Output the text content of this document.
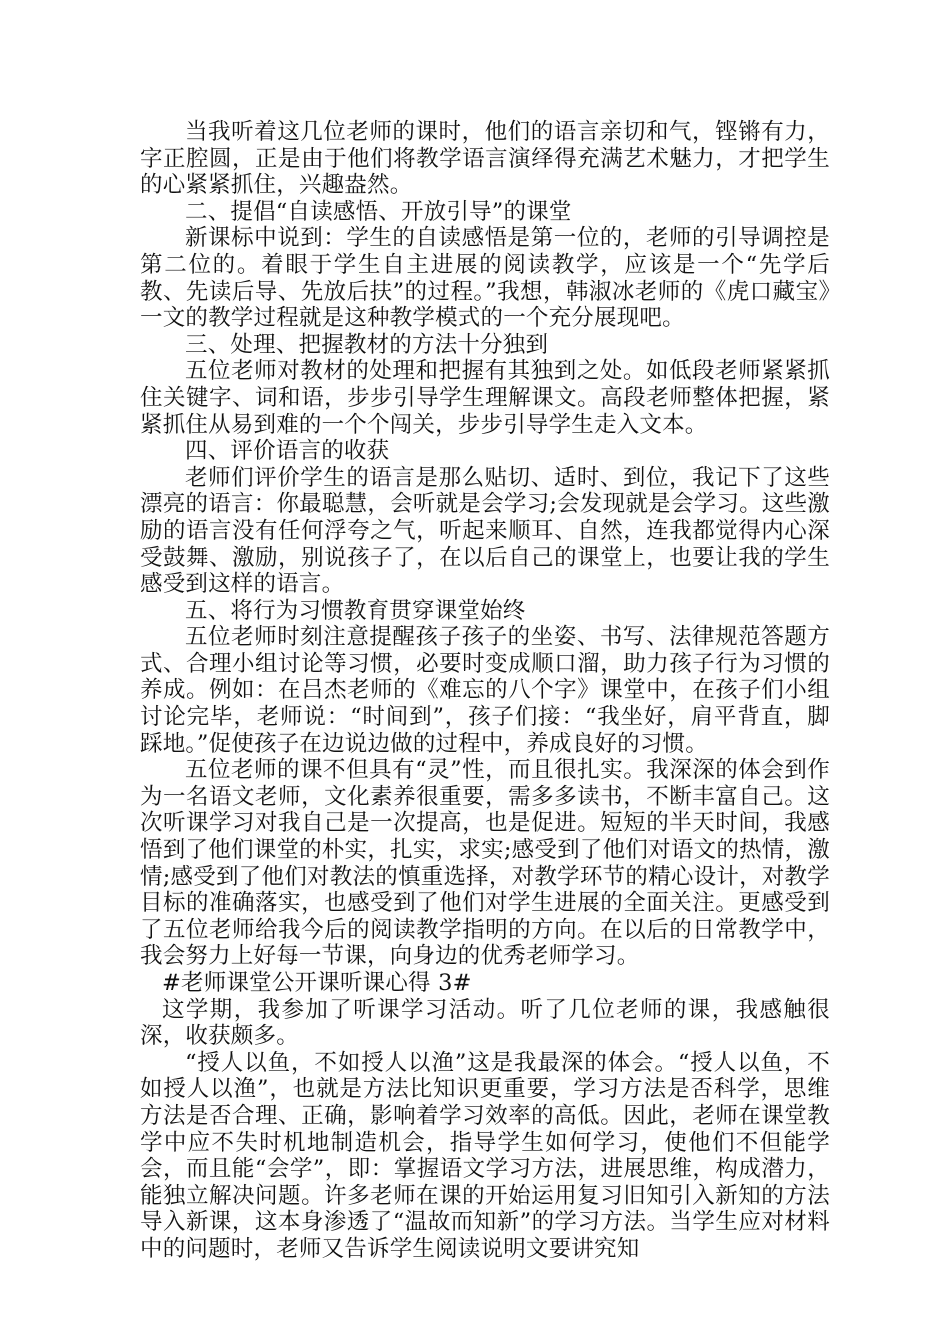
当我听着这几位老师的课时，他们的语言亲切和气，铿锵有力，字正腔圆，正是由于他们将教学语言演绎得充满艺术魅力，才把学生的心紧紧抓住，兴趣盎然。

二、提倡“自读感悟、开放引导”的课堂

新课标中说到：学生的自读感悟是第一位的，老师的引导调控是第二位的。着眼于学生自主进展的阅读教学，应该是一个“先学后教、先读后导、先放后扶”的过程。”我想，韩淑冰老师的《虎口藏宝》一文的教学过程就是这种教学模式的一个充分展现吧。

三、处理、把握教材的方法十分独到

五位老师对教材的处理和把握有其独到之处。如低段老师紧紧抓住关键字、词和语，步步引导学生理解课文。高段老师整体把握，紧紧抓住从易到难的一个个闯关，步步引导学生走入文本。

四、评价语言的收获

老师们评价学生的语言是那么贴切、适时、到位，我记下了这些漂亮的语言：你最聪慧，会听就是会学习;会发现就是会学习。这些激励的语言没有任何浮夸之气，听起来顺耳、自然，连我都觉得内心深受鼓舞、激励，别说孩子了，在以后自己的课堂上，也要让我的学生感受到这样的语言。

五、将行为习惯教育贯穿课堂始终

五位老师时刻注意提醒孩子孩子的坐姿、书写、法律规范答题方式、合理小组讨论等习惯，必要时变成顺口溜，助力孩子行为习惯的养成。例如：在吕杰老师的《难忘的八个字》课堂中，在孩子们小组讨论完毕，老师说：“时间到”，孩子们接：“我坐好，肩平背直，脚踩地。”促使孩子在边说边做的过程中，养成良好的习惯。

五位老师的课不但具有“灵”性，而且很扎实。我深深的体会到作为一名语文老师，文化素养很重要，需多多读书，不断丰富自己。这次听课学习对我自己是一次提高，也是促进。短短的半天时间，我感悟到了他们课堂的朴实，扎实，求实;感受到了他们对语文的热情，激情;感受到了他们对教法的慎重选择，对教学环节的精心设计，对教学目标的准确落实，也感受到了他们对学生进展的全面关注。更感受到了五位老师给我今后的阅读教学指明的方向。在以后的日常教学中，我会努力上好每一节课，向身边的优秀老师学习。

#老师课堂公开课听课心得 3#

这学期，我参加了听课学习活动。听了几位老师的课，我感触很深，收获颇多。

“授人以鱼，不如授人以渔”这是我最深的体会。“授人以鱼，不如授人以渔”，也就是方法比知识更重要，学习方法是否科学，思维方法是否合理、正确，影响着学习效率的高低。因此，老师在课堂教学中应不失时机地制造机会，指导学生如何学习，使他们不但能学会，而且能“会学”，即：掌握语文学习方法，进展思维，构成潜力，能独立解决问题。许多老师在课的开始运用复习旧知引入新知的方法导入新课，这本身渗透了“温故而知新”的学习方法。当学生应对材料中的问题时，老师又告诉学生阅读说明文要讲究知
